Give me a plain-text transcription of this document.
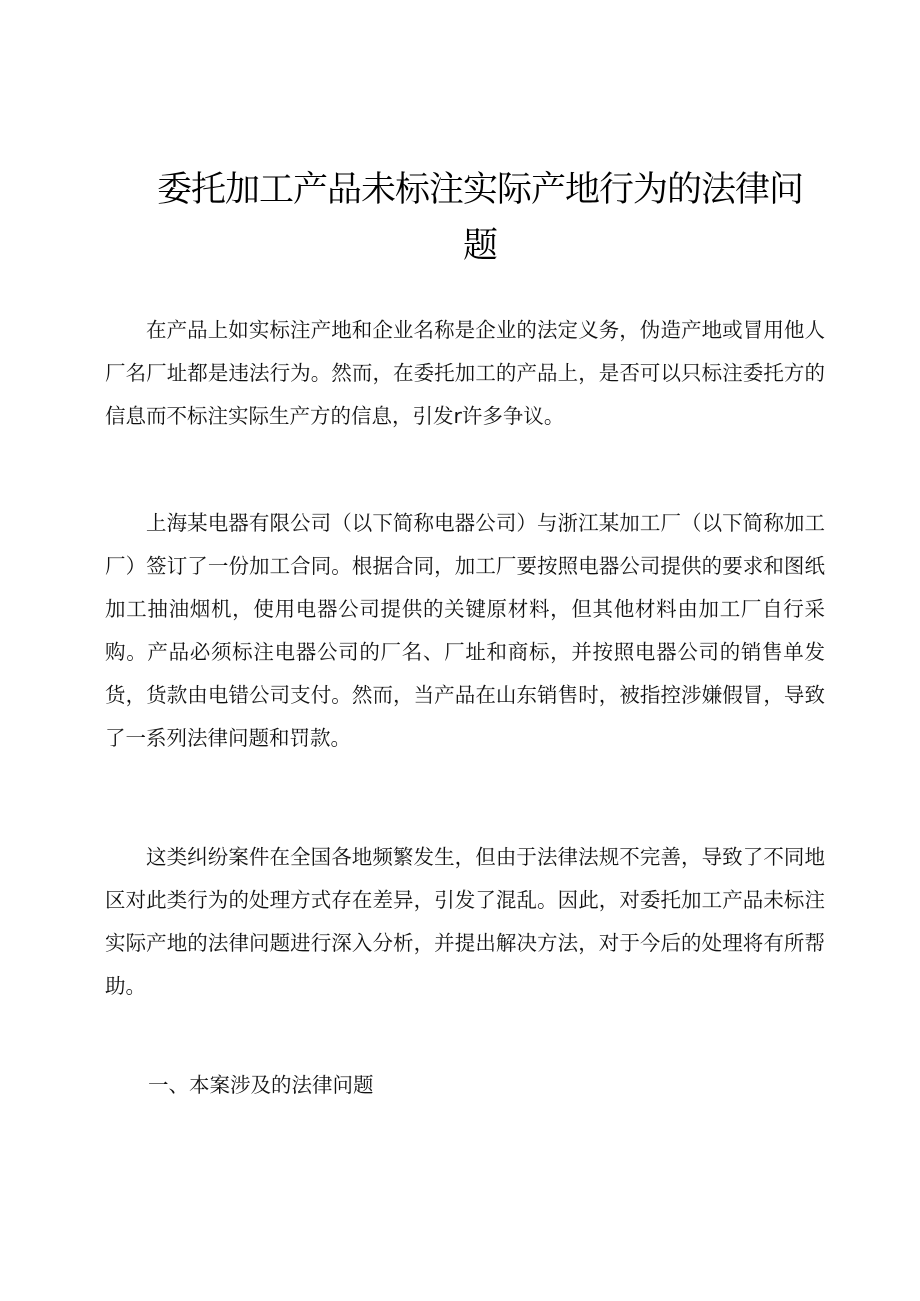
委托加工产品未标注实际产地行为的法律问题

在产品上如实标注产地和企业名称是企业的法定义务，伪造产地或冒用他人厂名厂址都是违法行为。然而，在委托加工的产品上，是否可以只标注委托方的信息而不标注实际生产方的信息，引发r许多争议。

上海某电器有限公司（以下简称电器公司）与浙江某加工厂（以下简称加工厂）签订了一份加工合同。根据合同，加工厂要按照电器公司提供的要求和图纸加工抽油烟机，使用电器公司提供的关键原材料，但其他材料由加工厂自行采购。产品必须标注电器公司的厂名、厂址和商标，并按照电器公司的销售单发货，货款由电错公司支付。然而，当产品在山东销售时，被指控涉嫌假冒，导致了一系列法律问题和罚款。

这类纠纷案件在全国各地频繁发生，但由于法律法规不完善，导致了不同地区对此类行为的处理方式存在差异，引发了混乱。因此，对委托加工产品未标注实际产地的法律问题进行深入分析，并提出解决方法，对于今后的处理将有所帮助。

一、本案涉及的法律问题
